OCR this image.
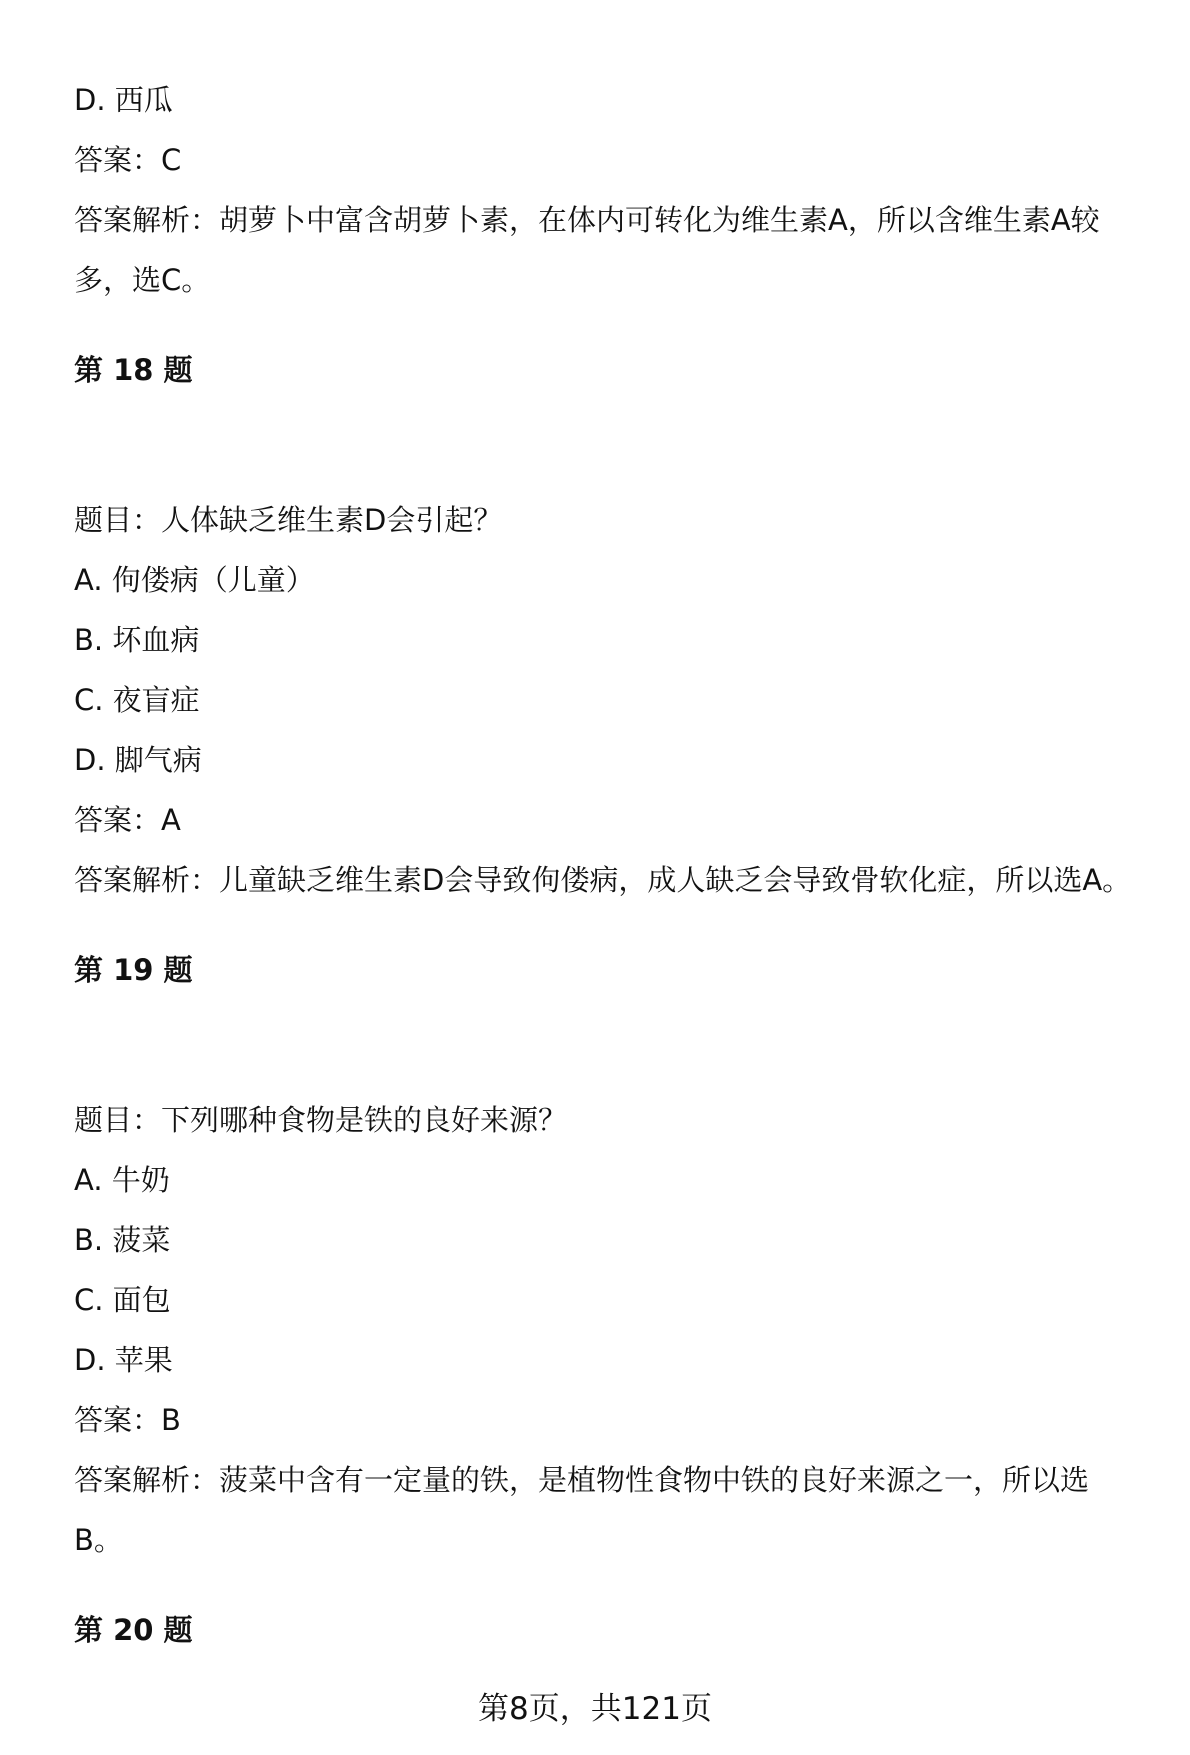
D. 西瓜
答案：C
答案解析：胡萝卜中富含胡萝卜素，在体内可转化为维生素A，所以含维生素A较
多，选C。
第 18 题
题目：人体缺乏维生素D会引起？
A. 佝偻病（儿童）
B. 坏血病
C. 夜盲症
D. 脚气病
答案：A
答案解析：儿童缺乏维生素D会导致佝偻病，成人缺乏会导致骨软化症，所以选A。
第 19 题
题目：下列哪种食物是铁的良好来源？
A. 牛奶
B. 菠菜
C. 面包
D. 苹果
答案：B
答案解析：菠菜中含有一定量的铁，是植物性食物中铁的良好来源之一，所以选
B。
第 20 题
第8页，共121页
